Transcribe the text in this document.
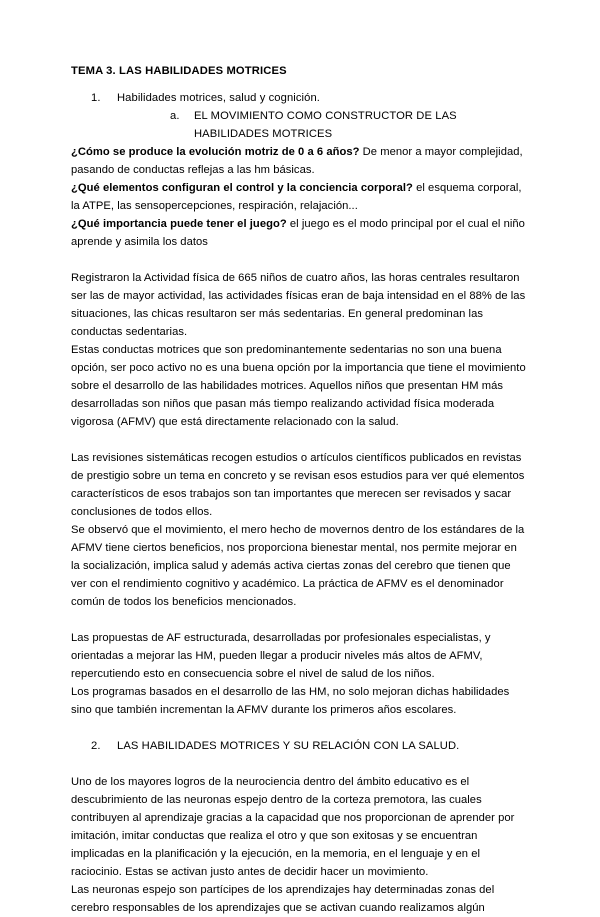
TEMA 3. LAS HABILIDADES MOTRICES
1.	Habilidades motrices, salud y cognición.
a.	EL MOVIMIENTO COMO CONSTRUCTOR DE LAS HABILIDADES MOTRICES

¿Cómo se produce la evolución motriz de 0 a 6 años? De menor a mayor complejidad, pasando de conductas reflejas a las hm básicas.

¿Qué elementos configuran el control y la conciencia corporal? el esquema corporal, la ATPE, las sensopercepciones, respiración, relajación...

¿Qué importancia puede tener el juego? el juego es el modo principal por el cual el niño aprende y asimila los datos

Registraron la Actividad física de 665 niños de cuatro años, las horas centrales resultaron ser las de mayor actividad, las actividades físicas eran de baja intensidad en el 88% de las situaciones, las chicas resultaron ser más sedentarias. En general predominan las conductas sedentarias.

Estas conductas motrices que son predominantemente sedentarias no son una buena opción, ser poco activo no es una buena opción por la importancia que tiene el movimiento sobre el desarrollo de las habilidades motrices. Aquellos niños que presentan HM más desarrolladas son niños que pasan más tiempo realizando actividad física moderada vigorosa (AFMV) que está directamente relacionado con la salud.

Las revisiones sistemáticas recogen estudios o artículos científicos publicados en revistas de prestigio sobre un tema en concreto y se revisan esos estudios para ver qué elementos característicos de esos trabajos son tan importantes que merecen ser revisados y sacar conclusiones de todos ellos.

Se observó que el movimiento, el mero hecho de movernos dentro de los estándares de la AFMV tiene ciertos beneficios, nos proporciona bienestar mental, nos permite mejorar en la socialización, implica salud y además activa ciertas zonas del cerebro que tienen que ver con el rendimiento cognitivo y académico. La práctica de AFMV es el denominador común de todos los beneficios mencionados.

Las propuestas de AF estructurada, desarrolladas por profesionales especialistas, y orientadas a mejorar las HM, pueden llegar a producir niveles más altos de AFMV, repercutiendo esto en consecuencia sobre el nivel de salud de los niños.

Los programas basados en el desarrollo de las HM, no solo mejoran dichas habilidades sino que también incrementan la AFMV durante los primeros años escolares.

2.	LAS HABILIDADES MOTRICES Y SU RELACIÓN CON LA SALUD.

Uno de los mayores logros de la neurociencia dentro del ámbito educativo es el descubrimiento de las neuronas espejo dentro de la corteza premotora, las cuales contribuyen al aprendizaje gracias a la capacidad que nos proporcionan de aprender por imitación, imitar conductas que realiza el otro y que son exitosas y se encuentran implicadas en la planificación y la ejecución, en la memoria, en el lenguaje y en el raciocinio. Estas se activan justo antes de decidir hacer un movimiento.

Las neuronas espejo son partícipes de los aprendizajes hay determinadas zonas del cerebro responsables de los aprendizajes que se activan cuando realizamos algún
